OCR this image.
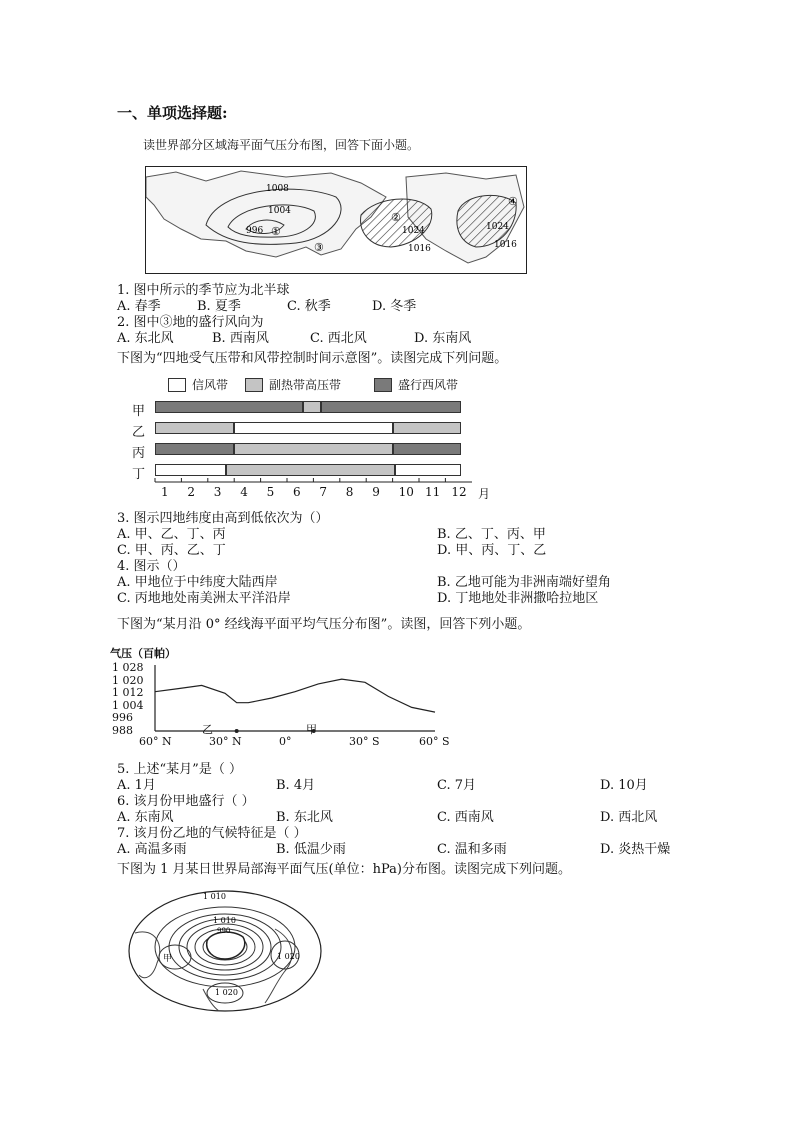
一、单项选择题:
读世界部分区域海平面气压分布图，回答下面小题。
1008
1004
996 ①
③
②
1024
1016
④
1024
1016
1. 图中所示的季节应为北半球
A. 春季	B. 夏季	C. 秋季	D. 冬季
2. 图中③地的盛行风向为
A. 东北风	B. 西南风	C. 西北风	D. 东南风
下图为“四地受气压带和风带控制时间示意图”。读图完成下列问题。
信风带	副热带高压带	盛行西风带
甲
乙
丙
丁
1 2 3 4 5 6 7 8 9 10 11 12 月
3. 图示四地纬度由高到低依次为（）
A. 甲、乙、丁、丙	B. 乙、丁、丙、甲
C. 甲、丙、乙、丁	D. 甲、丙、丁、乙
4. 图示（）
A. 甲地位于中纬度大陆西岸	B. 乙地可能为非洲南端好望角
C. 丙地地处南美洲太平洋沿岸	D. 丁地地处非洲撒哈拉地区
下图为“某月沿 0° 经线海平面平均气压分布图”。读图，回答下列小题。
气压（百帕）
1 028
1 020
1 012
1 004
996
988
60° N	30° N	0°	30° S	60° S
乙	甲
5. 上述“某月”是（ ）
A. 1月	B. 4月	C. 7月	D. 10月
6. 该月份甲地盛行（ ）
A. 东南风	B. 东北风	C. 西南风	D. 西北风
7. 该月份乙地的气候特征是（ ）
A. 高温多雨	B. 低温少雨	C. 温和多雨	D. 炎热干燥
下图为 1 月某日世界局部海平面气压(单位：hPa)分布图。读图完成下列问题。
1 010
1 010
990
甲	1 020
1 020
